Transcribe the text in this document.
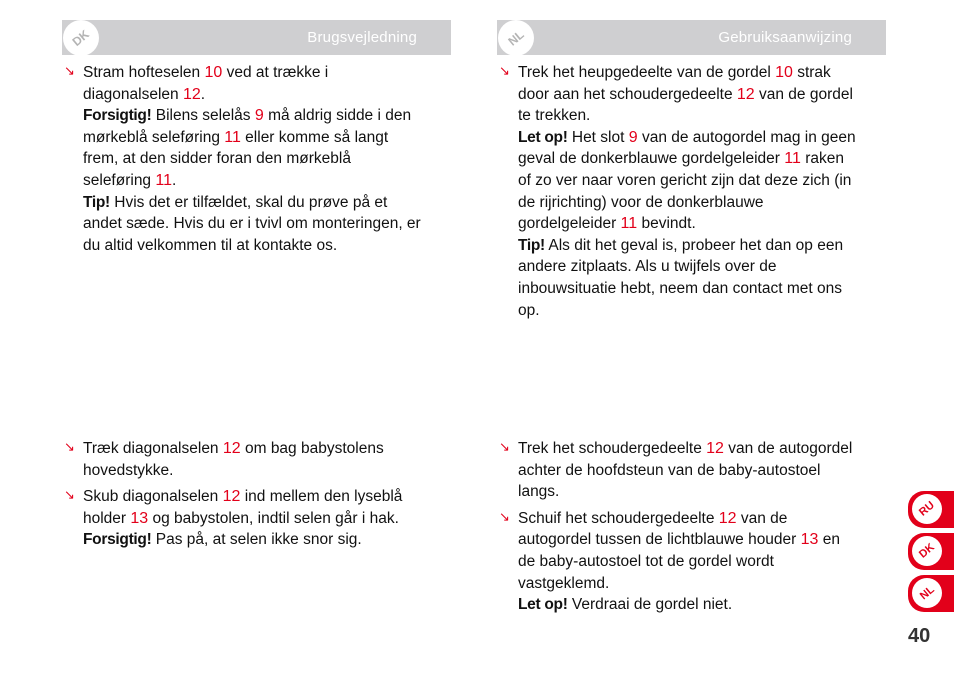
Brugsvejledning
DK	Gebruiksaanwijzing
NL
↘ Stram hofteselen 10 ved at trække i
diagonalselen 12.
Forsigtig! Bilens selelås 9 må aldrig sidde i den
mørkeblå seleføring 11 eller komme så langt
frem, at den sidder foran den mørkeblå
seleføring 11.
Tip! Hvis det er tilfældet, skal du prøve på et
andet sæde. Hvis du er i tvivl om monteringen, er
du altid velkommen til at kontakte os.
↘ Træk diagonalselen 12 om bag babystolens
hovedstykke.
↘ Skub diagonalselen 12 ind mellem den lyseblå
holder 13 og babystolen, indtil selen går i hak.
Forsigtig! Pas på, at selen ikke snor sig.
↘ Trek het heupgedeelte van de gordel 10 strak
door aan het schoudergedeelte 12 van de gordel
te trekken.
Let op! Het slot 9 van de autogordel mag in geen
geval de donkerblauwe gordelgeleider 11 raken
of zo ver naar voren gericht zijn dat deze zich (in
de rijrichting) voor de donkerblauwe
gordelgeleider 11 bevindt.
Tip! Als dit het geval is, probeer het dan op een
andere zitplaats. Als u twijfels over de
inbouwsituatie hebt, neem dan contact met ons
op.
↘ Trek het schoudergedeelte 12 van de autogordel
achter de hoofdsteun van de baby-autostoel
langs.
↘ Schuif het schoudergedeelte 12 van de
autogordel tussen de lichtblauwe houder 13 en
de baby-autostoel tot de gordel wordt
vastgeklemd.
Let op! Verdraai de gordel niet.
RU
DK
NL
40
